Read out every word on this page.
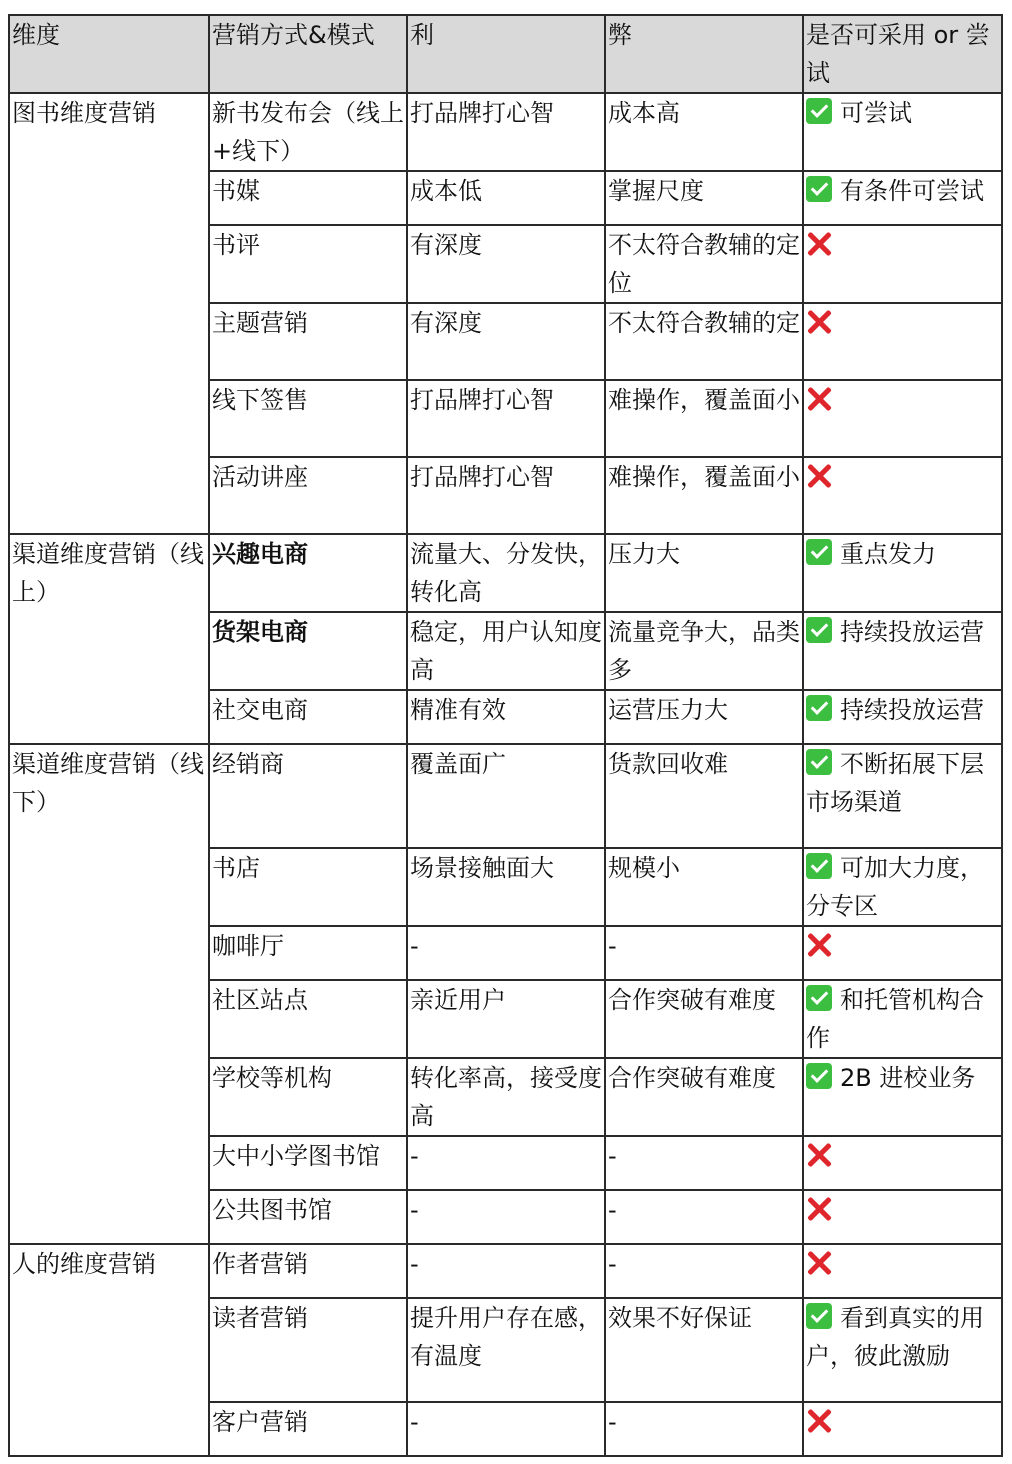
维度	营销方式&模式	利	弊	是否可采用 or 尝试
图书维度营销	新书发布会（线上+线下）	打品牌打心智	成本高	可尝试
	书媒	成本低	掌握尺度	有条件可尝试
	书评	有深度	不太符合教辅的定位	
	主题营销	有深度	不太符合教辅的定	
	线下签售	打品牌打心智	难操作，覆盖面小	
	活动讲座	打品牌打心智	难操作，覆盖面小	
渠道维度营销（线上）	兴趣电商	流量大、分发快，转化高	压力大	重点发力
	货架电商	稳定，用户认知度高	流量竞争大，品类多	持续投放运营
	社交电商	精准有效	运营压力大	持续投放运营
渠道维度营销（线下）	经销商	覆盖面广	货款回收难	不断拓展下层市场渠道
	书店	场景接触面大	规模小	可加大力度，分专区
	咖啡厅	-	-	
	社区站点	亲近用户	合作突破有难度	和托管机构合作
	学校等机构	转化率高，接受度高	合作突破有难度	2B 进校业务
	大中小学图书馆	-	-	
	公共图书馆	-	-	
人的维度营销	作者营销	-	-	
	读者营销	提升用户存在感，有温度	效果不好保证	看到真实的用户，彼此激励
	客户营销	-	-	
